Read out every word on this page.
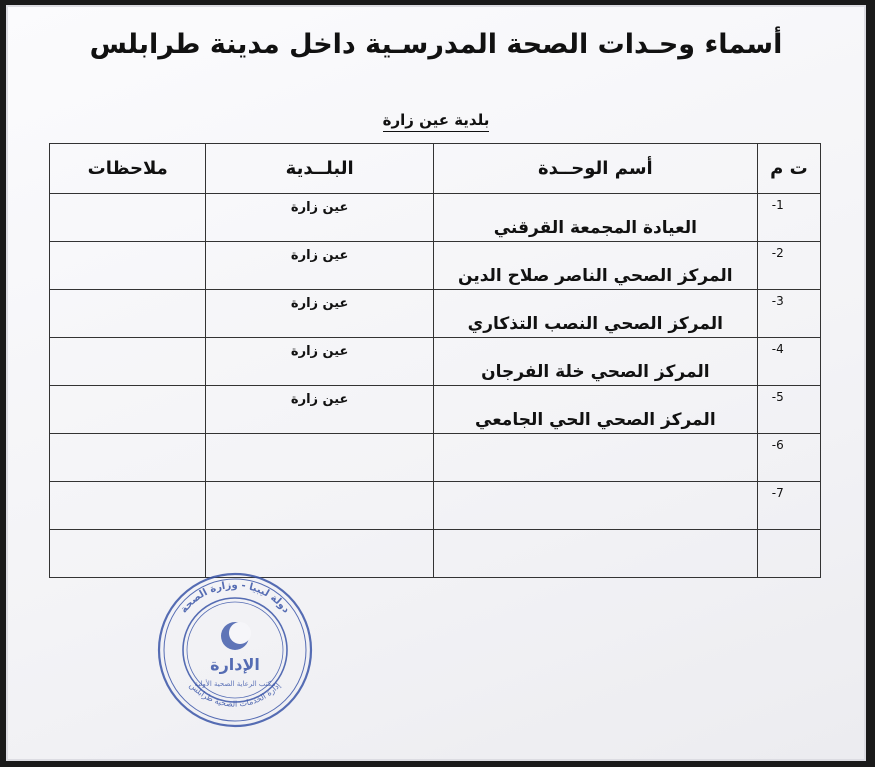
أسماء وحـدات الصحة المدرسـية داخل مدينة طرابلس
بلدية عين زارة
ت م	أسم الوحــدة	البلــدية	ملاحظات
-1	العيادة المجمعة القرقني	عين زارة	
-2	المركز الصحي الناصر صلاح الدين	عين زارة	
-3	المركز الصحي النصب التذكاري	عين زارة	
-4	المركز الصحي خلة الفرجان	عين زارة	
-5	المركز الصحي الحي الجامعي	عين زارة	
-6			
-7			

دولة ليبيا - وزارة الصحة
إدارة الخدمات الصحية طرابلس
الإدارة
مكتب الرعاية الصحية الأولية
